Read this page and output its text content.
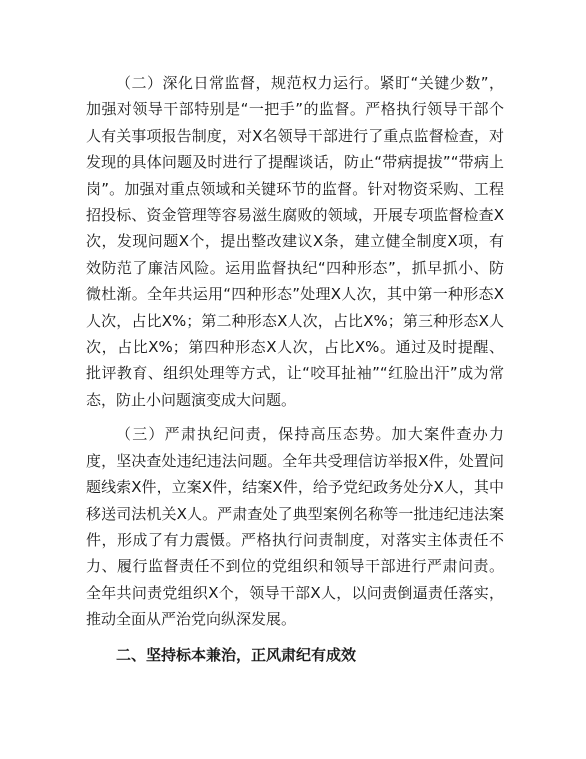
（二）深化日常监督，规范权力运行。紧盯“关键少数”，加强对领导干部特别是“一把手”的监督。严格执行领导干部个人有关事项报告制度，对X名领导干部进行了重点监督检查，对发现的具体问题及时进行了提醒谈话，防止“带病提拔”“带病上岗”。加强对重点领域和关键环节的监督。针对物资采购、工程招投标、资金管理等容易滋生腐败的领域，开展专项监督检查X次，发现问题X个，提出整改建议X条，建立健全制度X项，有效防范了廉洁风险。运用监督执纪“四种形态”，抓早抓小、防微杜渐。全年共运用“四种形态”处理X人次，其中第一种形态X人次，占比X%；第二种形态X人次，占比X%；第三种形态X人次，占比X%；第四种形态X人次，占比X%。通过及时提醒、批评教育、组织处理等方式，让“咬耳扯袖”“红脸出汗”成为常态，防止小问题演变成大问题。

（三）严肃执纪问责，保持高压态势。加大案件查办力度，坚决查处违纪违法问题。全年共受理信访举报X件，处置问题线索X件，立案X件，结案X件，给予党纪政务处分X人，其中移送司法机关X人。严肃查处了典型案例名称等一批违纪违法案件，形成了有力震慑。严格执行问责制度，对落实主体责任不力、履行监督责任不到位的党组织和领导干部进行严肃问责。全年共问责党组织X个，领导干部X人，以问责倒逼责任落实，推动全面从严治党向纵深发展。

二、坚持标本兼治，正风肃纪有成效
